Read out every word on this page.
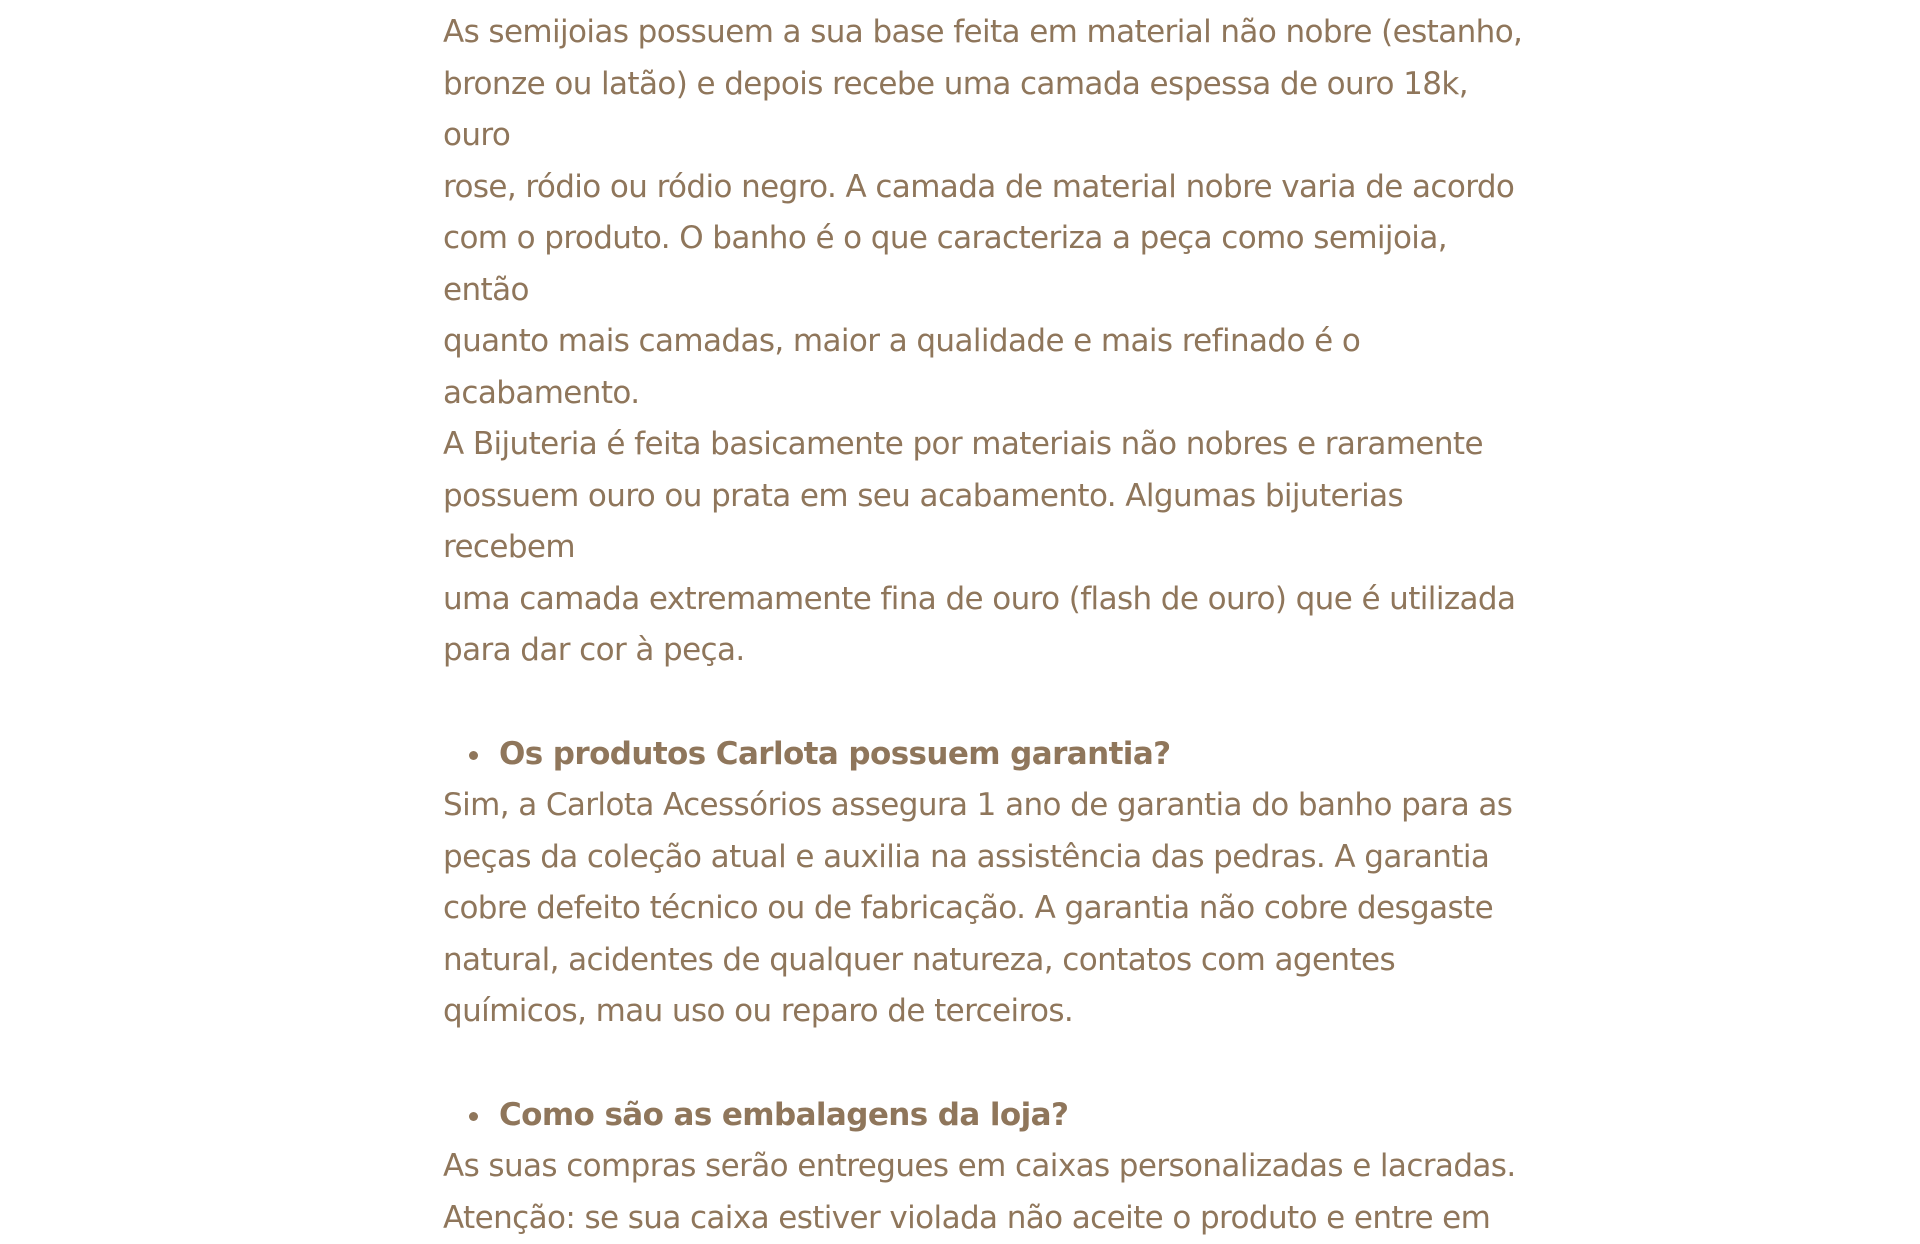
As semijoias possuem a sua base feita em material não nobre (estanho,
bronze ou latão) e depois recebe uma camada espessa de ouro 18k, ouro
rose, ródio ou ródio negro. A camada de material nobre varia de acordo
com o produto. O banho é o que caracteriza a peça como semijoia, então
quanto mais camadas, maior a qualidade e mais refinado é o
acabamento.

A Bijuteria é feita basicamente por materiais não nobres e raramente
possuem ouro ou prata em seu acabamento. Algumas bijuterias recebem
uma camada extremamente fina de ouro (flash de ouro) que é utilizada
para dar cor à peça.

Os produtos Carlota possuem garantia?

Sim, a Carlota Acessórios assegura 1 ano de garantia do banho para as
peças da coleção atual e auxilia na assistência das pedras. A garantia
cobre defeito técnico ou de fabricação. A garantia não cobre desgaste
natural, acidentes de qualquer natureza, contatos com agentes
químicos, mau uso ou reparo de terceiros.

Como são as embalagens da loja?

As suas compras serão entregues em caixas personalizadas e lacradas.
Atenção: se sua caixa estiver violada não aceite o produto e entre em
